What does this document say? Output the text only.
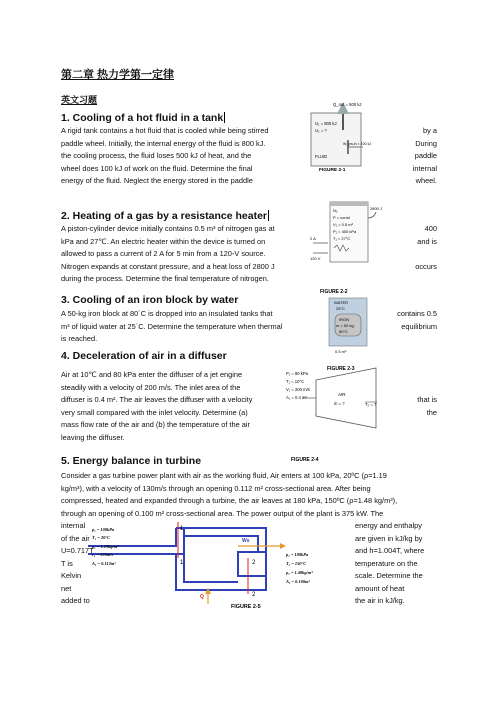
第二章 热力学第一定律
英文习题
1. Cooling of a hot fluid in a tank
A rigid tank contains a hot fluid that is cooled while being stirred
paddle wheel. Initially, the internal energy of the fluid is 800 kJ.
the cooling process, the fluid loses 500 kJ of heat, and the
wheel does 100 kJ of work on the fluid. Determine the final
energy of the fluid. Neglect the energy stored in the paddle
by a
During
paddle
internal
wheel.
U₁ = 800 kJ
U₂ = ?
FLUID
Q_out = 500 kJ
W_pw,in = 100 kJ
FIGURE 2-1
2. Heating of a gas by a resistance heater
A piston-cylinder device initially contains 0.5 m³ of nitrogen gas at
kPa and 27℃. An electric heater within the device is turned on
allowed to pass a current of 2 A for 5 min from a 120-V source.
Nitrogen expands at constant pressure, and a heat loss of 2800 J
during the process. Determine the final temperature of nitrogen.
400
and is
occurs
N₂
P = const
V₁ = 0.5 m³
P₁ = 400 kPa
T₁ = 27°C
2 A
120 V
2800 J
FIGURE 2-2
3. Cooling of an iron block by water
A 50-kg iron block at 80´C is dropped into an insulated tanks that
m³ of liquid water at 25´C. Determine the temperature when thermal
is reached.
contains 0.5
equilibrium
WATER
25°C
IRON
m = 50 kg
80°C
0.5 m³
FIGURE 2-3
4. Deceleration of air in a diffuser
Air at 10℃ and 80 kPa enter the diffuser of a jet engine
steadily with a velocity of 200 m/s. The inlet area of the
diffuser is 0.4 m². The air leaves the diffuser with a velocity
very small compared with the inlet velocity. Determine (a)
mass flow rate of the air and (b) the temperature of the air
leaving the diffuser.
that is
the
P₁ = 80 kPa
T₁ = 10°C
V₁ = 200 m/s
A₁ = 0.4 m²
AIR
ṁ = ?	T₂ = ?
FIGURE 2-4
5. Energy balance in turbine
Consider a gas turbine power plant with air as the working fluid, Air enters at 100 kPa, 20ºC (ρ=1.19
kg/m³), with a velocity of 130m/s through an opening 0.112 m² cross-sectional area. After being
compressed, heated and expanded through a turbine, the air leaves at 180 kPa, 150ºC (ρ=1.48 kg/m³),
through an opening of 0.100 m² cross-sectional area. The power output of the plant is 375 kW. The
internal
of the air
U=0.717T
T is
Kelvin
net
added to
energy and enthalpy
are given in kJ/kg by
and h=1.004T, where
temperature on the
scale. Determine the
amount of heat
the air in kJ/kg.
1
1	2
2
Ws
Q
p₁ = 100kPa
T₁ = 20°C
ρ₁ = 1.19kg/m³
c₁ = 130m/s
A₁ = 0.112m²
p₂ = 180kPa
T₂ = 150°C
ρ₂ = 1.48kg/m³
A₂ = 0.100m²
FIGURE 2-5
